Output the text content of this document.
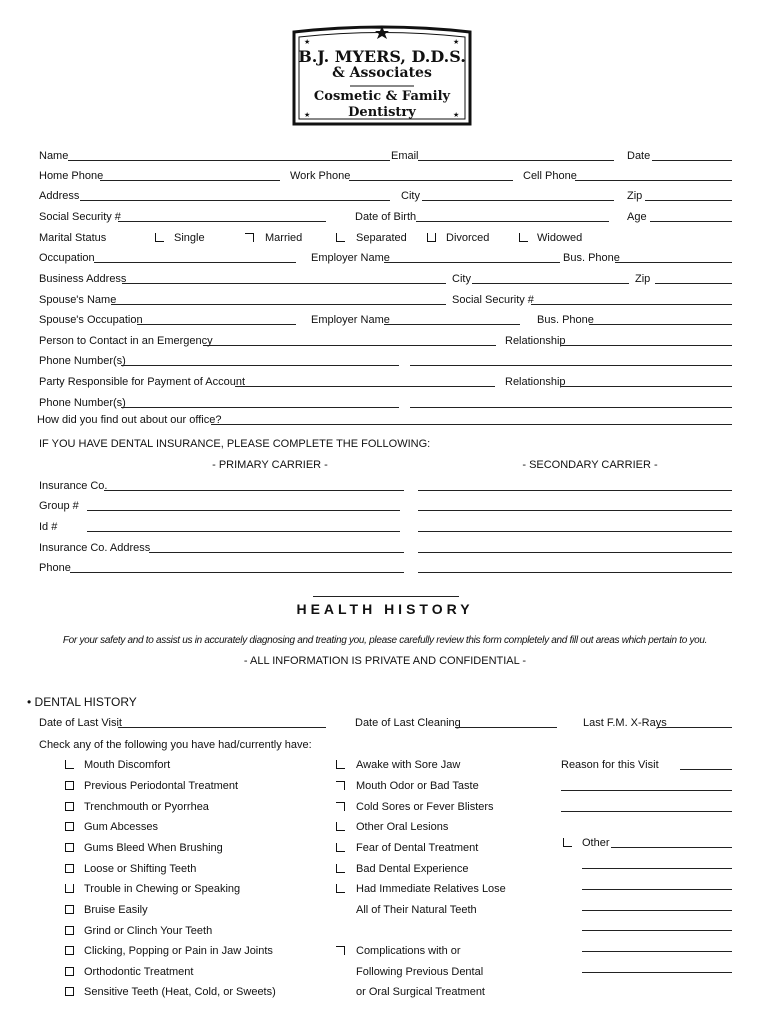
★	★
★	★
B.J. MYERS, D.D.S.
& Associates
Cosmetic & Family
Dentistry
Name	Email	Date
Home Phone	Work Phone	Cell Phone
Address	City	Zip
Social Security #	Date of Birth	Age
Marital Status	Single	Married	Separated	Divorced	Widowed
Occupation	Employer Name	Bus. Phone
Business Address	City	Zip
Spouse's Name	Social Security #
Spouse's Occupation	Employer Name	Bus. Phone
Person to Contact in an Emergency	Relationship
Phone Number(s)
Party Responsible for Payment of Account	Relationship
Phone Number(s)
How did you find out about our office?
IF YOU HAVE DENTAL INSURANCE, PLEASE COMPLETE THE FOLLOWING:
- PRIMARY CARRIER -	- SECONDARY CARRIER -
Insurance Co.
Group #
Id #
Insurance Co. Address
Phone
HEALTH HISTORY
For your safety and to assist us in accurately diagnosing and treating you, please carefully review this form completely and fill out areas which pertain to you.
- ALL INFORMATION IS PRIVATE AND CONFIDENTIAL -
• DENTAL HISTORY
Date of Last Visit	Date of Last Cleaning	Last F.M. X-Rays
Check any of the following you have had/currently have:
Mouth Discomfort
Previous Periodontal Treatment
Trenchmouth or Pyorrhea
Gum Abcesses
Gums Bleed When Brushing
Loose or Shifting Teeth
Trouble in Chewing or Speaking
Bruise Easily
Grind or Clinch Your Teeth
Clicking, Popping or Pain in Jaw Joints
Orthodontic Treatment
Sensitive Teeth (Heat, Cold, or Sweets)
Awake with Sore Jaw
Mouth Odor or Bad Taste
Cold Sores or Fever Blisters
Other Oral Lesions
Fear of Dental Treatment
Bad Dental Experience
Had Immediate Relatives Lose
All of Their Natural Teeth
Complications with or
Following Previous Dental
or Oral Surgical Treatment
Reason for this Visit
Other
